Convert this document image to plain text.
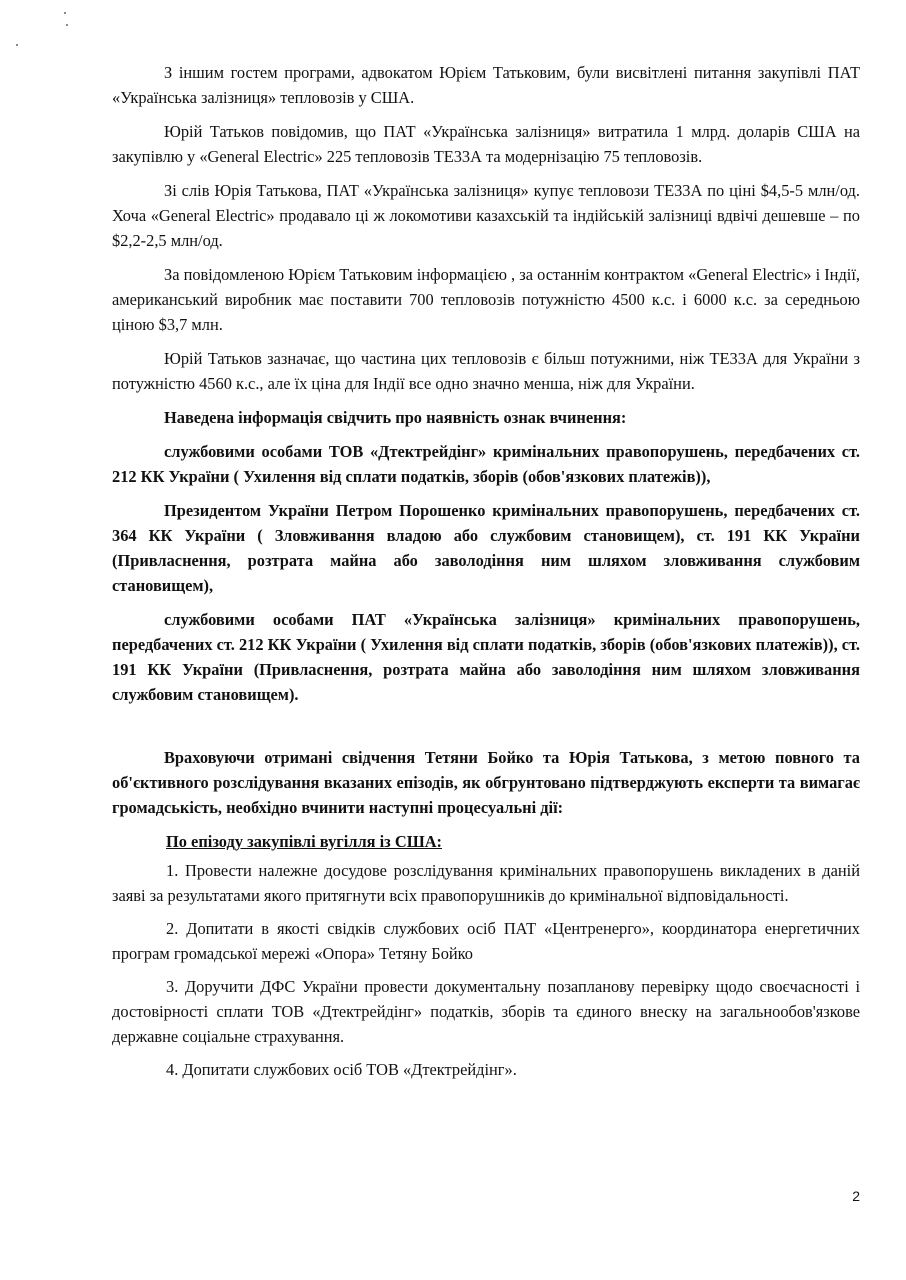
З іншим гостем програми, адвокатом Юрієм Татьковим, були висвітлені питання закупівлі ПАТ «Українська залізниця» тепловозів у США.

Юрій Татьков повідомив, що ПАТ «Українська залізниця» витратила 1 млрд. доларів США на закупівлю у «General Electric» 225 тепловозів ТЕ33А та модернізацію 75 тепловозів.

Зі слів Юрія Татькова, ПАТ «Українська залізниця» купує тепловози ТЕ33А по ціні $4,5-5 млн/од. Хоча «General Electric» продавало ці ж локомотиви казахській та індійській залізниці вдвічі дешевше – по $2,2-2,5 млн/од.

За повідомленою Юрієм Татьковим інформацією , за останнім контрактом «General Electric» і Індії, американський виробник має поставити 700 тепловозів потужністю 4500 к.с. і 6000 к.с. за середньою ціною $3,7 млн.

Юрій Татьков зазначає, що частина цих тепловозів є більш потужними, ніж ТЕ33А для України з потужністю 4560 к.с., але їх ціна для Індії все одно значно менша, ніж для України.

Наведена інформація свідчить про наявність ознак вчинення:

службовими особами ТОВ «Дтектрейдінг» кримінальних правопорушень, передбачених ст. 212 КК України ( Ухилення від сплати податків, зборів (обов'язкових платежів)),

Президентом України Петром Порошенко кримінальних правопорушень, передбачених ст. 364 КК України ( Зловживання владою або службовим становищем), ст. 191 КК України (Привласнення, розтрата майна або заволодіння ним шляхом зловживання службовим становищем),

службовими особами ПАТ «Українська залізниця» кримінальних правопорушень, передбачених ст. 212 КК України ( Ухилення від сплати податків, зборів (обов'язкових платежів)), ст. 191 КК України (Привласнення, розтрата майна або заволодіння ним шляхом зловживання службовим становищем).

Враховуючи отримані свідчення Тетяни Бойко та Юрія Татькова, з метою повного та об'єктивного розслідування вказаних епізодів, як обгрунтовано підтверджують експерти та вимагає громадськість, необхідно вчинити наступні процесуальні дії:

По епізоду закупівлі вугілля із США:

1. Провести належне досудове розслідування кримінальних правопорушень викладених в даній заяві за результатами якого притягнути всіх правопорушників до кримінальної відповідальності.

2. Допитати в якості свідків службових осіб ПАТ «Центренерго», координатора енергетичних програм громадської мережі «Опора» Тетяну Бойко

3. Доручити ДФС України провести документальну позапланову перевірку щодо своєчасності і достовірності сплати ТОВ «Дтектрейдінг» податків, зборів та єдиного внеску на загальнообов'язкове державне соціальне страхування.

4. Допитати службових осіб ТОВ «Дтектрейдінг».

2
